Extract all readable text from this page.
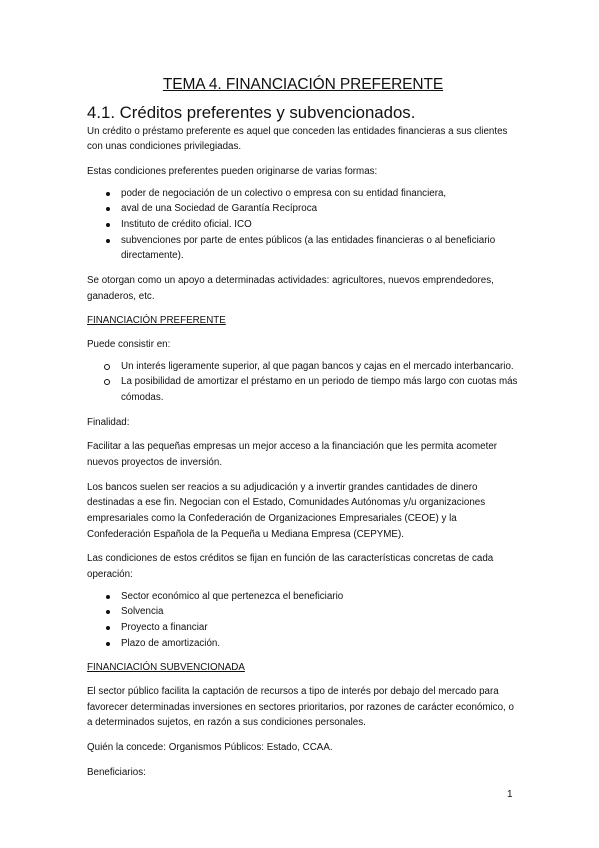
TEMA 4. FINANCIACIÓN PREFERENTE
4.1. Créditos preferentes y subvencionados.

Un crédito o préstamo preferente es aquel que conceden las entidades financieras a sus clientes con unas condiciones privilegiadas.

Estas condiciones preferentes pueden originarse de varias formas:

poder de negociación de un colectivo o empresa con su entidad financiera,
aval de una Sociedad de Garantía Recíproca
Instituto de crédito oficial. ICO
subvenciones por parte de entes públicos (a las entidades financieras o al beneficiario directamente).

Se otorgan como un apoyo a determinadas actividades: agricultores, nuevos emprendedores, ganaderos, etc.

FINANCIACIÓN PREFERENTE

Puede consistir en:

Un interés ligeramente superior, al que pagan bancos y cajas en el mercado interbancario.
La posibilidad de amortizar el préstamo en un periodo de tiempo más largo con cuotas más cómodas.

Finalidad:

Facilitar a las pequeñas empresas un mejor acceso a la financiación que les permita acometer nuevos proyectos de inversión.

Los bancos suelen ser reacios a su adjudicación y a invertir grandes cantidades de dinero destinadas a ese fin. Negocian con el Estado, Comunidades Autónomas y/u organizaciones empresariales como la Confederación de Organizaciones Empresariales (CEOE) y la Confederación Española de la Pequeña u Mediana Empresa (CEPYME).

Las condiciones de estos créditos se fijan en función de las características concretas de cada operación:

Sector económico al que pertenezca el beneficiario
Solvencia
Proyecto a financiar
Plazo de amortización.

FINANCIACIÓN SUBVENCIONADA

El sector público facilita la captación de recursos a tipo de interés por debajo del mercado para favorecer determinadas inversiones en sectores prioritarios, por razones de carácter económico, o a determinados sujetos, en razón a sus condiciones personales.

Quién la concede: Organismos Públicos: Estado, CCAA.

Beneficiarios:

1
